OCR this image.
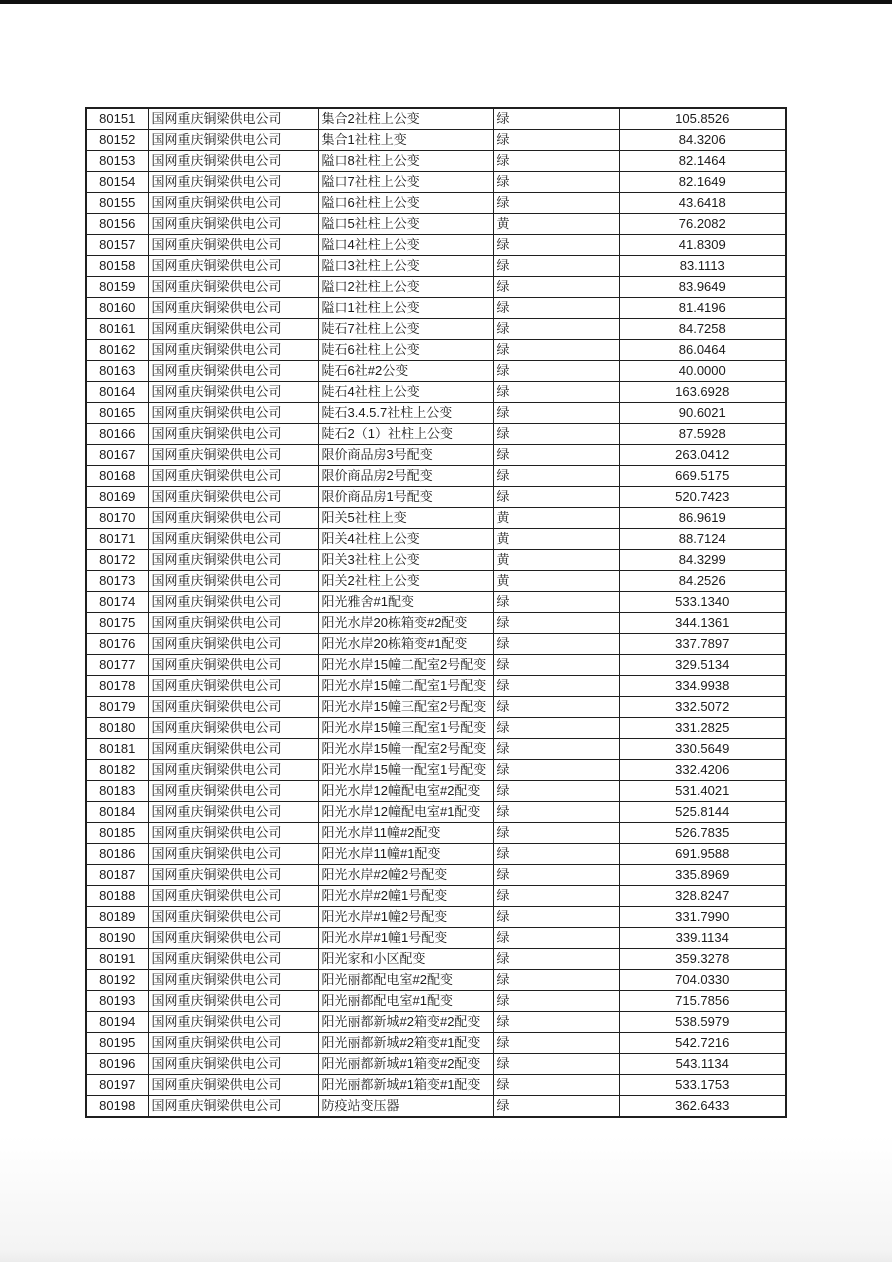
80151	国网重庆铜梁供电公司	集合2社柱上公变	绿	105.8526
80152	国网重庆铜梁供电公司	集合1社柱上变	绿	84.3206
80153	国网重庆铜梁供电公司	隘口8社柱上公变	绿	82.1464
80154	国网重庆铜梁供电公司	隘口7社柱上公变	绿	82.1649
80155	国网重庆铜梁供电公司	隘口6社柱上公变	绿	43.6418
80156	国网重庆铜梁供电公司	隘口5社柱上公变	黄	76.2082
80157	国网重庆铜梁供电公司	隘口4社柱上公变	绿	41.8309
80158	国网重庆铜梁供电公司	隘口3社柱上公变	绿	83.1113
80159	国网重庆铜梁供电公司	隘口2社柱上公变	绿	83.9649
80160	国网重庆铜梁供电公司	隘口1社柱上公变	绿	81.4196
80161	国网重庆铜梁供电公司	陡石7社柱上公变	绿	84.7258
80162	国网重庆铜梁供电公司	陡石6社柱上公变	绿	86.0464
80163	国网重庆铜梁供电公司	陡石6社#2公变	绿	40.0000
80164	国网重庆铜梁供电公司	陡石4社柱上公变	绿	163.6928
80165	国网重庆铜梁供电公司	陡石3.4.5.7社柱上公变	绿	90.6021
80166	国网重庆铜梁供电公司	陡石2（1）社柱上公变	绿	87.5928
80167	国网重庆铜梁供电公司	限价商品房3号配变	绿	263.0412
80168	国网重庆铜梁供电公司	限价商品房2号配变	绿	669.5175
80169	国网重庆铜梁供电公司	限价商品房1号配变	绿	520.7423
80170	国网重庆铜梁供电公司	阳关5社柱上变	黄	86.9619
80171	国网重庆铜梁供电公司	阳关4社柱上公变	黄	88.7124
80172	国网重庆铜梁供电公司	阳关3社柱上公变	黄	84.3299
80173	国网重庆铜梁供电公司	阳关2社柱上公变	黄	84.2526
80174	国网重庆铜梁供电公司	阳光雅舍#1配变	绿	533.1340
80175	国网重庆铜梁供电公司	阳光水岸20栋箱变#2配变	绿	344.1361
80176	国网重庆铜梁供电公司	阳光水岸20栋箱变#1配变	绿	337.7897
80177	国网重庆铜梁供电公司	阳光水岸15幢二配室2号配变	绿	329.5134
80178	国网重庆铜梁供电公司	阳光水岸15幢二配室1号配变	绿	334.9938
80179	国网重庆铜梁供电公司	阳光水岸15幢三配室2号配变	绿	332.5072
80180	国网重庆铜梁供电公司	阳光水岸15幢三配室1号配变	绿	331.2825
80181	国网重庆铜梁供电公司	阳光水岸15幢一配室2号配变	绿	330.5649
80182	国网重庆铜梁供电公司	阳光水岸15幢一配室1号配变	绿	332.4206
80183	国网重庆铜梁供电公司	阳光水岸12幢配电室#2配变	绿	531.4021
80184	国网重庆铜梁供电公司	阳光水岸12幢配电室#1配变	绿	525.8144
80185	国网重庆铜梁供电公司	阳光水岸11幢#2配变	绿	526.7835
80186	国网重庆铜梁供电公司	阳光水岸11幢#1配变	绿	691.9588
80187	国网重庆铜梁供电公司	阳光水岸#2幢2号配变	绿	335.8969
80188	国网重庆铜梁供电公司	阳光水岸#2幢1号配变	绿	328.8247
80189	国网重庆铜梁供电公司	阳光水岸#1幢2号配变	绿	331.7990
80190	国网重庆铜梁供电公司	阳光水岸#1幢1号配变	绿	339.1134
80191	国网重庆铜梁供电公司	阳光家和小区配变	绿	359.3278
80192	国网重庆铜梁供电公司	阳光丽都配电室#2配变	绿	704.0330
80193	国网重庆铜梁供电公司	阳光丽都配电室#1配变	绿	715.7856
80194	国网重庆铜梁供电公司	阳光丽都新城#2箱变#2配变	绿	538.5979
80195	国网重庆铜梁供电公司	阳光丽都新城#2箱变#1配变	绿	542.7216
80196	国网重庆铜梁供电公司	阳光丽都新城#1箱变#2配变	绿	543.1134
80197	国网重庆铜梁供电公司	阳光丽都新城#1箱变#1配变	绿	533.1753
80198	国网重庆铜梁供电公司	防疫站变压器	绿	362.6433
